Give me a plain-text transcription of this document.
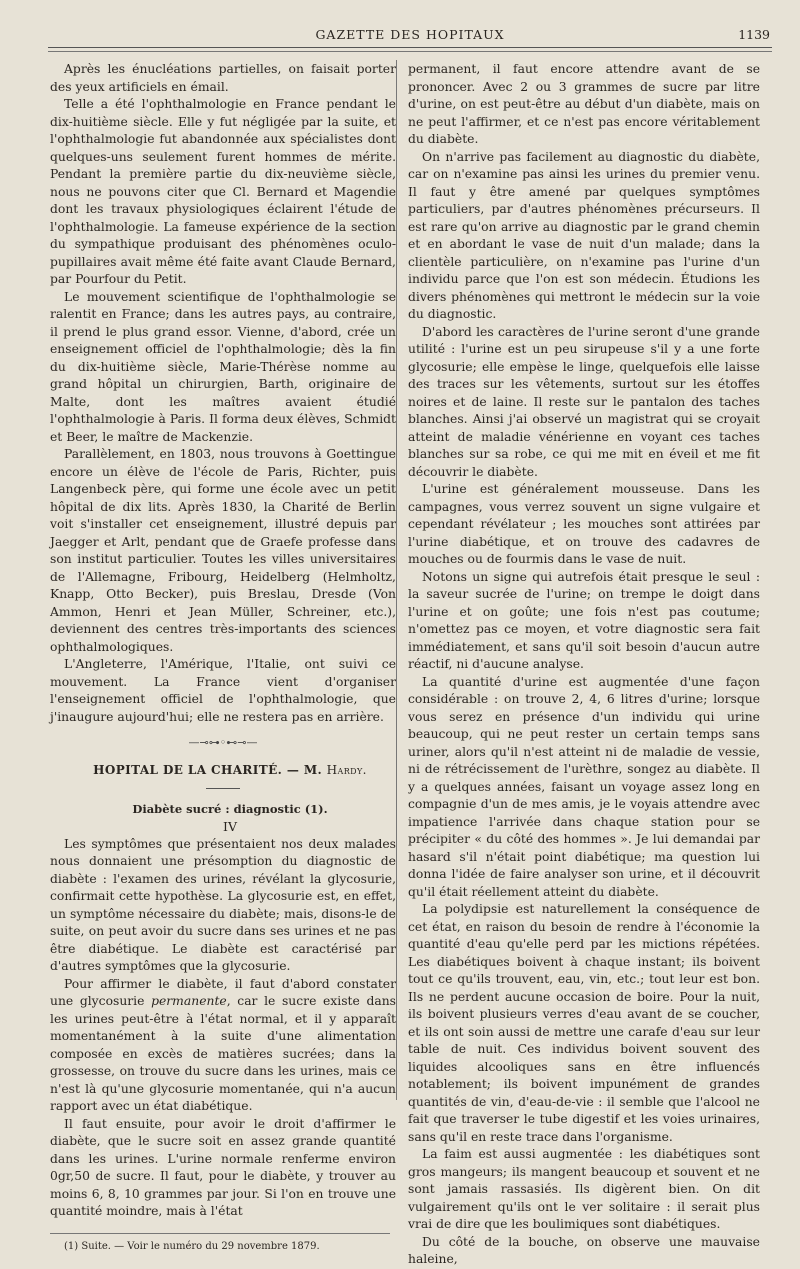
GAZETTE DES HOPITAUX	1139

Après les énucléations partielles, on faisait porter des yeux artificiels en émail.

Telle a été l'ophthalmologie en France pendant le dix-huitième siècle. Elle y fut négligée par la suite, et l'ophthalmologie fut abandonnée aux spécialistes dont quelques-uns seulement furent hommes de mérite. Pendant la première partie du dix-neuvième siècle, nous ne pouvons citer que Cl. Bernard et Magendie dont les travaux physiologiques éclairent l'étude de l'ophthalmologie. La fameuse expérience de la section du sympathique produisant des phénomènes oculo-pupillaires avait même été faite avant Claude Bernard, par Pourfour du Petit.

Le mouvement scientifique de l'ophthalmologie se ralentit en France; dans les autres pays, au contraire, il prend le plus grand essor. Vienne, d'abord, crée un enseignement officiel de l'ophthalmologie; dès la fin du dix-huitième siècle, Marie-Thérèse nomme au grand hôpital un chirurgien, Barth, originaire de Malte, dont les maîtres avaient étudié l'ophthalmologie à Paris. Il forma deux élèves, Schmidt et Beer, le maître de Mackenzie.

Parallèlement, en 1803, nous trouvons à Goettingue encore un élève de l'école de Paris, Richter, puis Langenbeck père, qui forme une école avec un petit hôpital de dix lits. Après 1830, la Charité de Berlin voit s'installer cet enseignement, illustré depuis par Jaegger et Arlt, pendant que de Graefe professe dans son institut particulier. Toutes les villes universitaires de l'Allemagne, Fribourg, Heidelberg (Helmholtz, Knapp, Otto Becker), puis Breslau, Dresde (Von Ammon, Henri et Jean Müller, Schreiner, etc.), deviennent des centres très-importants des sciences ophthalmologiques.

L'Angleterre, l'Amérique, l'Italie, ont suivi ce mouvement. La France vient d'organiser l'enseignement officiel de l'ophthalmologie, que j'inaugure aujourd'hui; elle ne restera pas en arrière.

—⊸⊶◦⊷⊸—

HOPITAL DE LA CHARITÉ. — M. Hardy.

Diabète sucré : diagnostic (1).

IV

Les symptômes que présentaient nos deux malades nous donnaient une présomption du diagnostic de diabète : l'examen des urines, révélant la glycosurie, confirmait cette hypothèse. La glycosurie est, en effet, un symptôme nécessaire du diabète; mais, disons-le de suite, on peut avoir du sucre dans ses urines et ne pas être diabétique. Le diabète est caractérisé par d'autres symptômes que la glycosurie.

Pour affirmer le diabète, il faut d'abord constater une glycosurie permanente, car le sucre existe dans les urines peut-être à l'état normal, et il y apparaît momentanément à la suite d'une alimentation composée en excès de matières sucrées; dans la grossesse, on trouve du sucre dans les urines, mais ce n'est là qu'une glycosurie momentanée, qui n'a aucun rapport avec un état diabétique.

Il faut ensuite, pour avoir le droit d'affirmer le diabète, que le sucre soit en assez grande quantité dans les urines. L'urine normale renferme environ 0gr,50 de sucre. Il faut, pour le diabète, y trouver au moins 6, 8, 10 grammes par jour. Si l'on en trouve une quantité moindre, mais à l'état

(1) Suite. — Voir le numéro du 29 novembre 1879.

permanent, il faut encore attendre avant de se prononcer. Avec 2 ou 3 grammes de sucre par litre d'urine, on est peut-être au début d'un diabète, mais on ne peut l'affirmer, et ce n'est pas encore véritablement du diabète.

On n'arrive pas facilement au diagnostic du diabète, car on n'examine pas ainsi les urines du premier venu. Il faut y être amené par quelques symptômes particuliers, par d'autres phénomènes précurseurs. Il est rare qu'on arrive au diagnostic par le grand chemin et en abordant le vase de nuit d'un malade; dans la clientèle particulière, on n'examine pas l'urine d'un individu parce que l'on est son médecin. Étudions les divers phénomènes qui mettront le médecin sur la voie du diagnostic.

D'abord les caractères de l'urine seront d'une grande utilité : l'urine est un peu sirupeuse s'il y a une forte glycosurie; elle empèse le linge, quelquefois elle laisse des traces sur les vêtements, surtout sur les étoffes noires et de laine. Il reste sur le pantalon des taches blanches. Ainsi j'ai observé un magistrat qui se croyait atteint de maladie vénérienne en voyant ces taches blanches sur sa robe, ce qui me mit en éveil et me fit découvrir le diabète.

L'urine est généralement mousseuse. Dans les campagnes, vous verrez souvent un signe vulgaire et cependant révélateur ; les mouches sont attirées par l'urine diabétique, et on trouve des cadavres de mouches ou de fourmis dans le vase de nuit.

Notons un signe qui autrefois était presque le seul : la saveur sucrée de l'urine; on trempe le doigt dans l'urine et on goûte; une fois n'est pas coutume; n'omettez pas ce moyen, et votre diagnostic sera fait immédiatement, et sans qu'il soit besoin d'aucun autre réactif, ni d'aucune analyse.

La quantité d'urine est augmentée d'une façon considérable : on trouve 2, 4, 6 litres d'urine; lorsque vous serez en présence d'un individu qui urine beaucoup, qui ne peut rester un certain temps sans uriner, alors qu'il n'est atteint ni de maladie de vessie, ni de rétrécissement de l'urèthre, songez au diabète. Il y a quelques années, faisant un voyage assez long en compagnie d'un de mes amis, je le voyais attendre avec impatience l'arrivée dans chaque station pour se précipiter « du côté des hommes ». Je lui demandai par hasard s'il n'était point diabétique; ma question lui donna l'idée de faire analyser son urine, et il découvrit qu'il était réellement atteint du diabète.

La polydipsie est naturellement la conséquence de cet état, en raison du besoin de rendre à l'économie la quantité d'eau qu'elle perd par les mictions répétées. Les diabétiques boivent à chaque instant; ils boivent tout ce qu'ils trouvent, eau, vin, etc.; tout leur est bon. Ils ne perdent aucune occasion de boire. Pour la nuit, ils boivent plusieurs verres d'eau avant de se coucher, et ils ont soin aussi de mettre une carafe d'eau sur leur table de nuit. Ces individus boivent souvent des liquides alcooliques sans en être influencés notablement; ils boivent impunément de grandes quantités de vin, d'eau-de-vie : il semble que l'alcool ne fait que traverser le tube digestif et les voies urinaires, sans qu'il en reste trace dans l'organisme.

La faim est aussi augmentée : les diabétiques sont gros mangeurs; ils mangent beaucoup et souvent et ne sont jamais rassasiés. Ils digèrent bien. On dit vulgairement qu'ils ont le ver solitaire : il serait plus vrai de dire que les boulimiques sont diabétiques.

Du côté de la bouche, on observe une mauvaise haleine,
